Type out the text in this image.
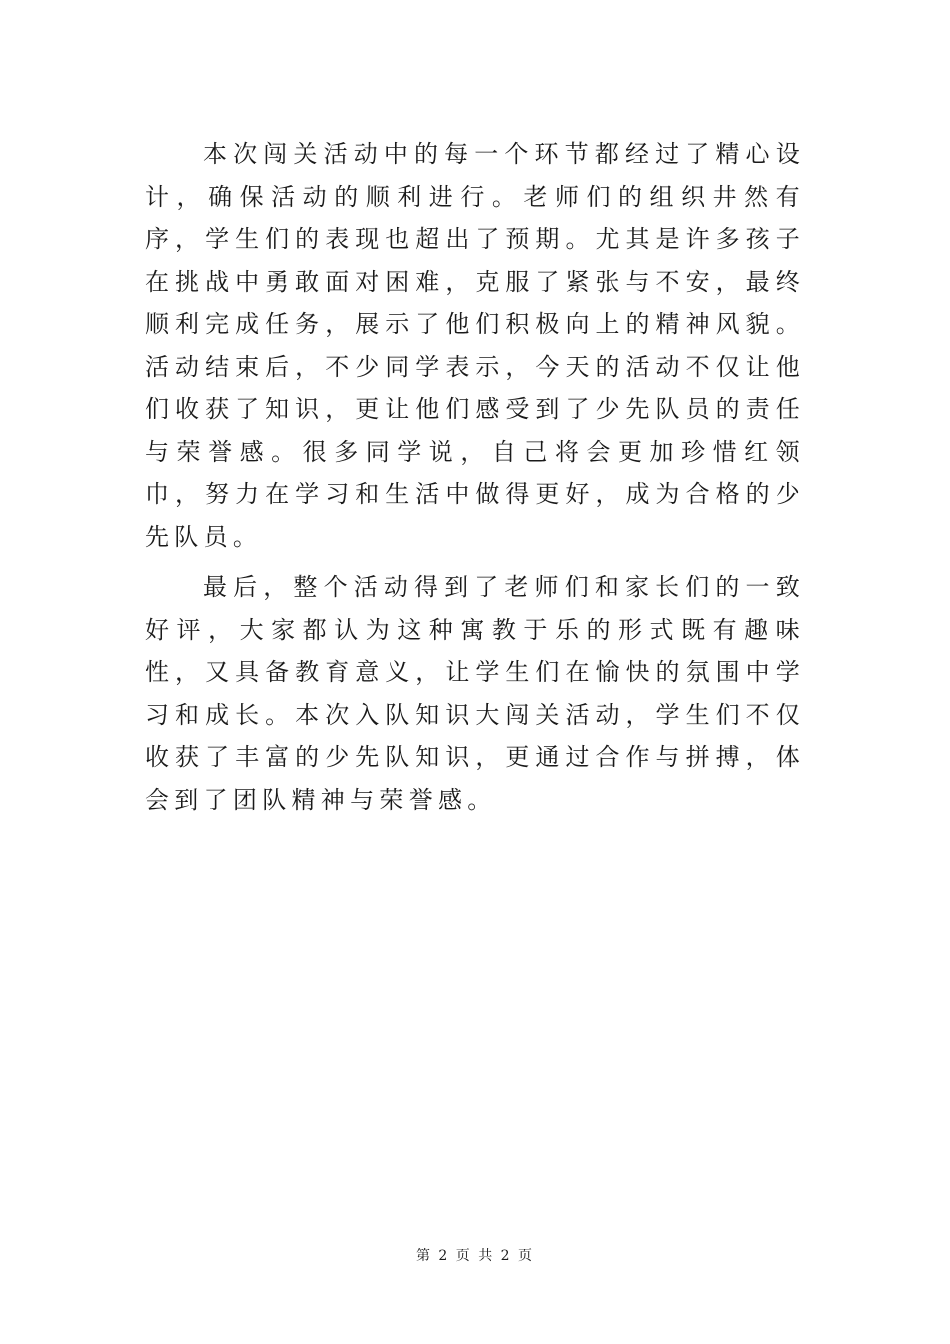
本次闯关活动中的每一个环节都经过了精心设计，确保活动的顺利进行。老师们的组织井然有序，学生们的表现也超出了预期。尤其是许多孩子在挑战中勇敢面对困难，克服了紧张与不安，最终顺利完成任务，展示了他们积极向上的精神风貌。活动结束后，不少同学表示，今天的活动不仅让他们收获了知识，更让他们感受到了少先队员的责任与荣誉感。很多同学说，自己将会更加珍惜红领巾，努力在学习和生活中做得更好，成为合格的少先队员。

最后，整个活动得到了老师们和家长们的一致好评，大家都认为这种寓教于乐的形式既有趣味性，又具备教育意义，让学生们在愉快的氛围中学习和成长。本次入队知识大闯关活动，学生们不仅收获了丰富的少先队知识，更通过合作与拼搏，体会到了团队精神与荣誉感。

第 2 页 共 2 页
